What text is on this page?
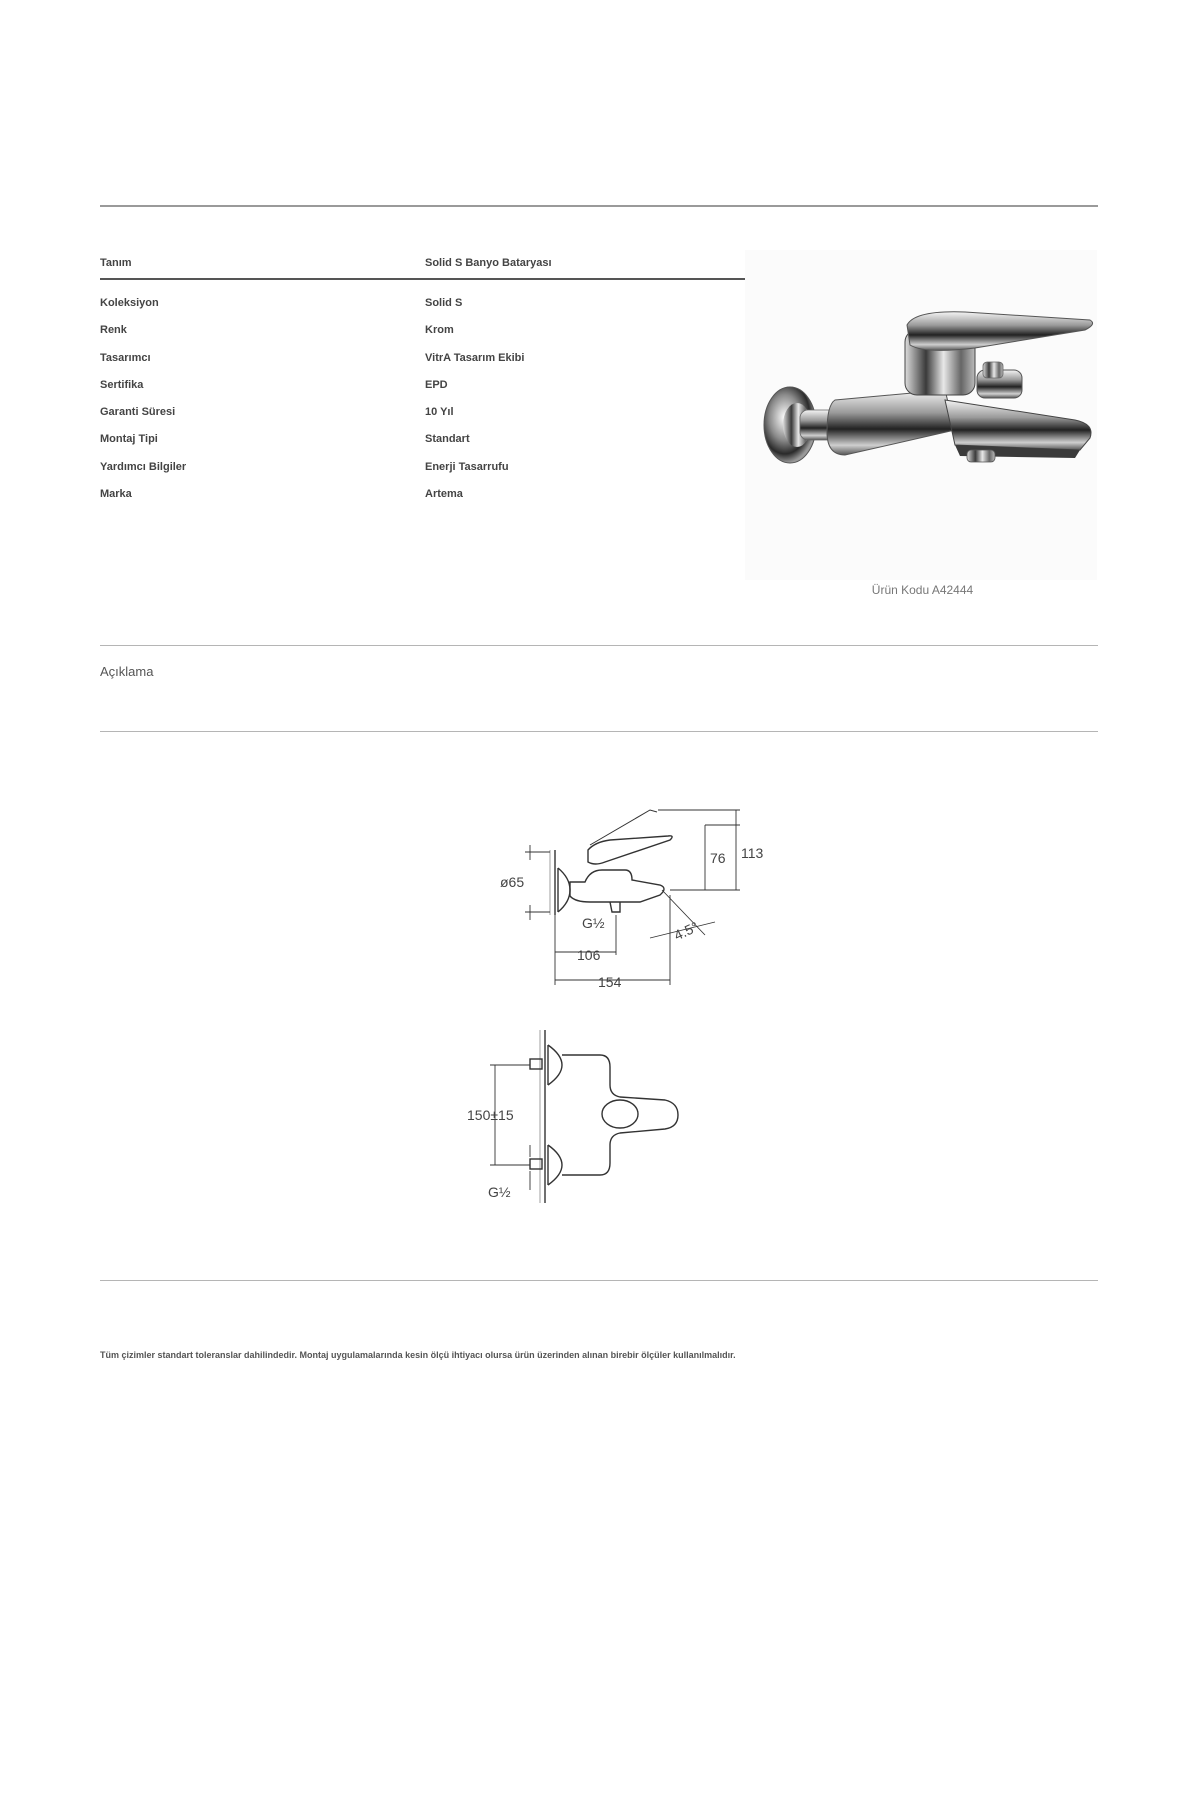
Tanım	Solid S Banyo Bataryası
Koleksiyon	Solid S
Renk	Krom
Tasarımcı	VitrA Tasarım Ekibi
Sertifika	EPD
Garanti Süresi	10 Yıl
Montaj Tipi	Standart
Yardımcı Bilgiler	Enerji Tasarrufu
Marka	Artema
Ürün Kodu A42444
Açıklama
113
76
ø65
G½	4.5°
106
154
150±15
G½
Tüm çizimler standart toleranslar dahilindedir. Montaj uygulamalarında kesin ölçü ihtiyacı olursa ürün üzerinden alınan birebir ölçüler kullanılmalıdır.
